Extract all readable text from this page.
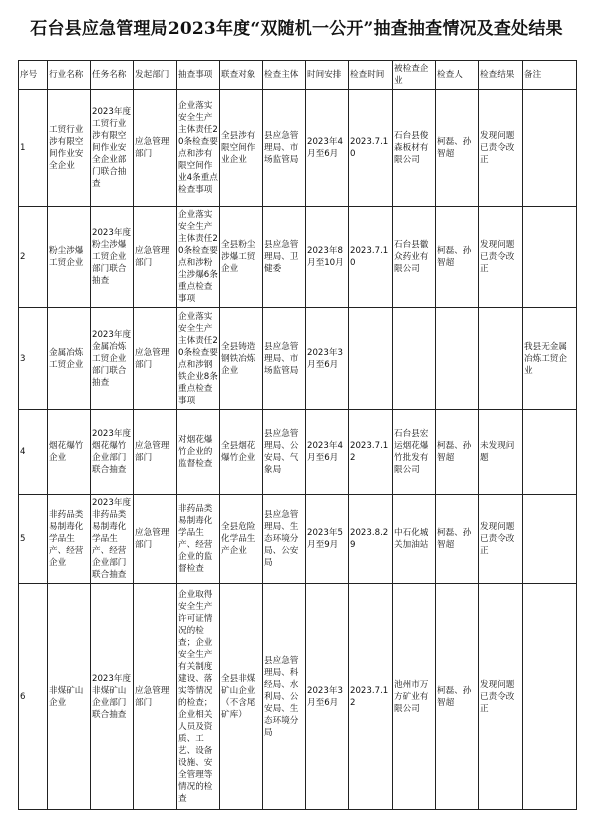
石台县应急管理局2023年度“双随机一公开”抽查抽查情况及查处结果
序号	行业名称	任务名称	发起部门	抽查事项	联查对象	检查主体	时间安排	检查时间	被检查企业	检查人	检查结果	备注
1	工贸行业涉有限空间作业安全企业	2023年度工贸行业涉有限空间作业安全企业部门联合抽查	应急管理部门	企业落实安全生产主体责任20条检查要点和涉有限空间作业4条重点检查事项	全县涉有限空间作业企业	县应急管理局、市场监管局	2023年4月至6月	2023.7.10	石台县俊森板材有限公司	柯磊、孙智超	发现问题已责令改正	
2	粉尘涉爆工贸企业	2023年度粉尘涉爆工贸企业部门联合抽查	应急管理部门	企业落实安全生产主体责任20条检查要点和涉粉尘涉爆6条重点检查事项	全县粉尘涉爆工贸企业	县应急管理局、卫健委	2023年8月至10月	2023.7.10	石台县徽众药业有限公司	柯磊、孙智超	发现问题已责令改正	
3	金属冶炼工贸企业	2023年度金属冶炼工贸企业部门联合抽查	应急管理部门	企业落实安全生产主体责任20条检查要点和涉钢铁企业8条重点检查事项	全县铸造钢铁冶炼企业	县应急管理局、市场监管局	2023年3月至6月					我县无金属冶炼工贸企业
4	烟花爆竹企业	2023年度烟花爆竹企业部门联合抽查	应急管理部门	对烟花爆竹企业的监督检查	全县烟花爆竹企业	县应急管理局、公安局、气象局	2023年4月至6月	2023.7.12	石台县宏运烟花爆竹批发有限公司	柯磊、孙智超	未发现问题	
5	非药品类易制毒化学品生产、经营企业	2023年度非药品类易制毒化学品生产、经营企业部门联合抽查	应急管理部门	非药品类易制毒化学品生产、经营企业的监督检查	全县危险化学品生产企业	县应急管理局、生态环境分局、公安局	2023年5月至9月	2023.8.29	中石化城关加油站	柯磊、孙智超	发现问题已责令改正	
6	非煤矿山企业	2023年度非煤矿山企业部门联合抽查	应急管理部门	企业取得安全生产许可证情况的检查；企业安全生产有关制度建设、落实等情况的检查；企业相关人员及资质、工艺、设备设施、安全管理等情况的检查	全县非煤矿山企业（不含尾矿库）	县应急管理局、科经局、水利局、公安局、生态环境分局	2023年3月至6月	2023.7.12	池州市万方矿业有限公司	柯磊、孙智超	发现问题已责令改正	
